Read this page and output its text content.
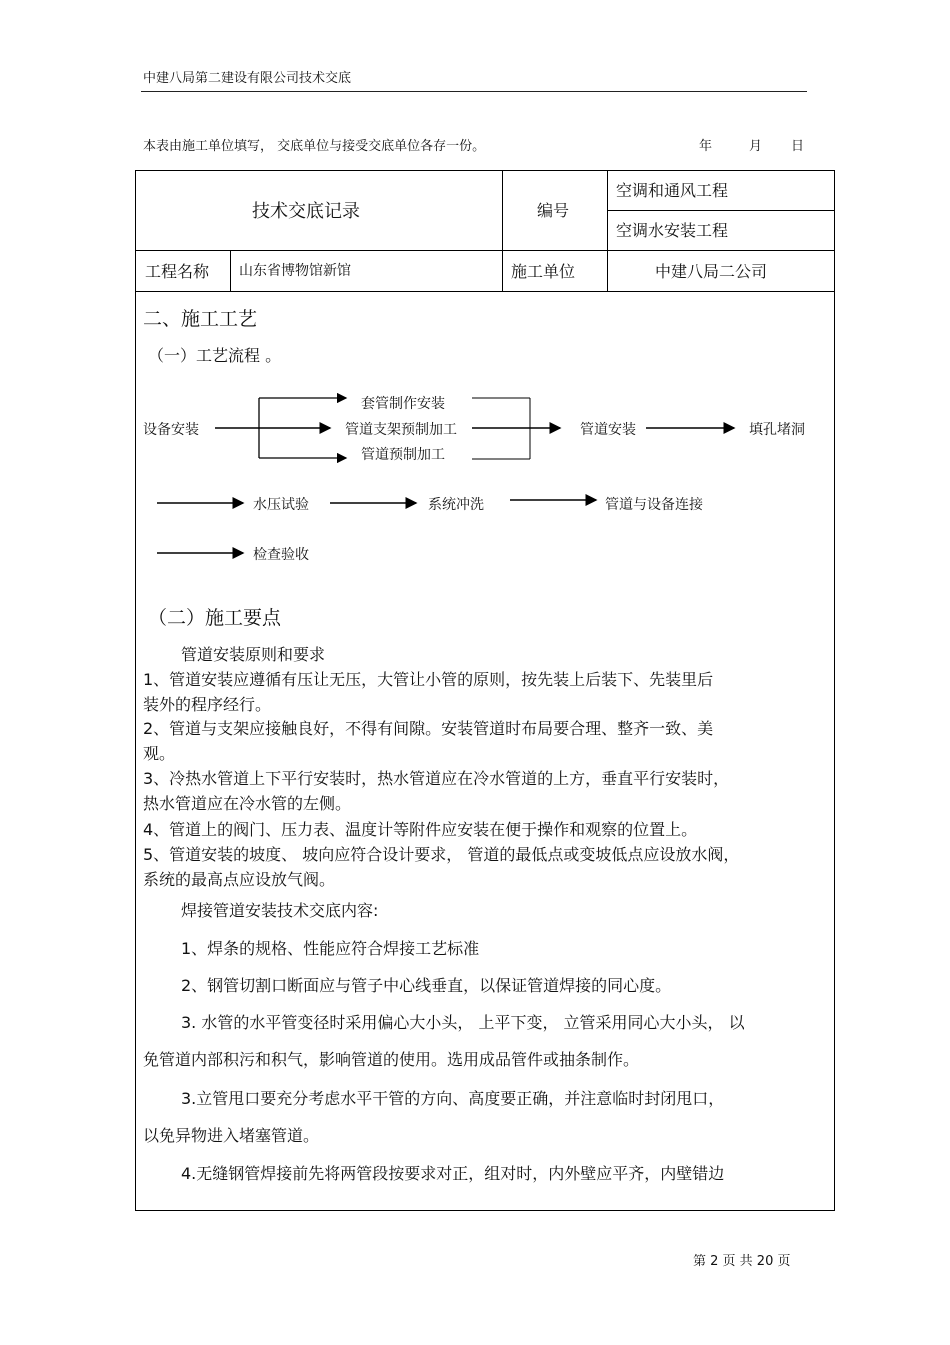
中建八局第二建设有限公司技术交底
本表由施工单位填写， 交底单位与接受交底单位各存一份。	年	月 日
技术交底记录	编号
空调和通风工程
空调水安装工程
工程名称 山东省博物馆新馆	施工单位	中建八局二公司
二、施工工艺
（一）工艺流程 。
设备安装
套管制作安装
管道支架预制加工
管道预制加工
管道安装	填孔堵洞
水压试验	系统冲洗	管道与设备连接
检查验收
（二）施工要点
管道安装原则和要求
1、管道安装应遵循有压让无压，大管让小管的原则，按先装上后装下、先装里后
装外的程序经行。
2、管道与支架应接触良好，不得有间隙。安装管道时布局要合理、整齐一致、美
观。
3、冷热水管道上下平行安装时，热水管道应在冷水管道的上方，垂直平行安装时，
热水管道应在冷水管的左侧。
4、管道上的阀门、压力表、温度计等附件应安装在便于操作和观察的位置上。
5、管道安装的坡度、 坡向应符合设计要求， 管道的最低点或变坡低点应设放水阀，
系统的最高点应设放气阀。
焊接管道安装技术交底内容:
1、焊条的规格、性能应符合焊接工艺标准
2、钢管切割口断面应与管子中心线垂直，以保证管道焊接的同心度。
3. 水管的水平管变径时采用偏心大小头， 上平下变， 立管采用同心大小头， 以
免管道内部积污和积气，影响管道的使用。选用成品管件或抽条制作。
3.立管甩口要充分考虑水平干管的方向、高度要正确，并注意临时封闭甩口，
以免异物进入堵塞管道。
4.无缝钢管焊接前先将两管段按要求对正，组对时，内外壁应平齐，内壁错边
第 2 页 共 20 页
